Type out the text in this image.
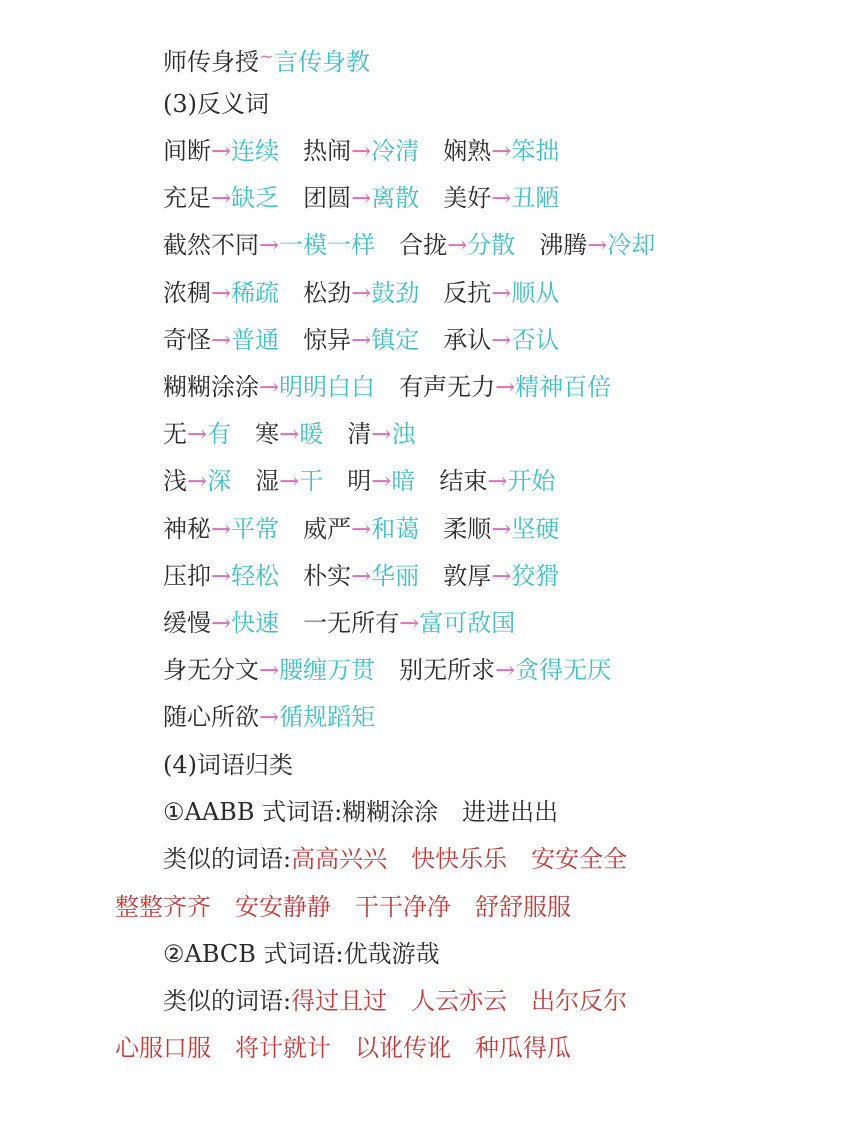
师传身授~言传身教
(3)反义词
间断→连续 热闹→冷清 娴熟→笨拙
充足→缺乏 团圆→离散 美好→丑陋
截然不同→一模一样 合拢→分散 沸腾→冷却
浓稠→稀疏 松劲→鼓劲 反抗→顺从
奇怪→普通 惊异→镇定 承认→否认
糊糊涂涂→明明白白 有声无力→精神百倍
无→有 寒→暖 清→浊
浅→深 湿→干 明→暗 结束→开始
神秘→平常 威严→和蔼 柔顺→坚硬
压抑→轻松 朴实→华丽 敦厚→狡猾
缓慢→快速 一无所有→富可敌国
身无分文→腰缠万贯 别无所求→贪得无厌
随心所欲→循规蹈矩
(4)词语归类
①AABB 式词语:糊糊涂涂　进进出出
类似的词语:高高兴兴 快快乐乐 安安全全
整整齐齐 安安静静 干干净净 舒舒服服
②ABCB 式词语:优哉游哉
类似的词语:得过且过 人云亦云 出尔反尔
心服口服 将计就计 以讹传讹 种瓜得瓜
